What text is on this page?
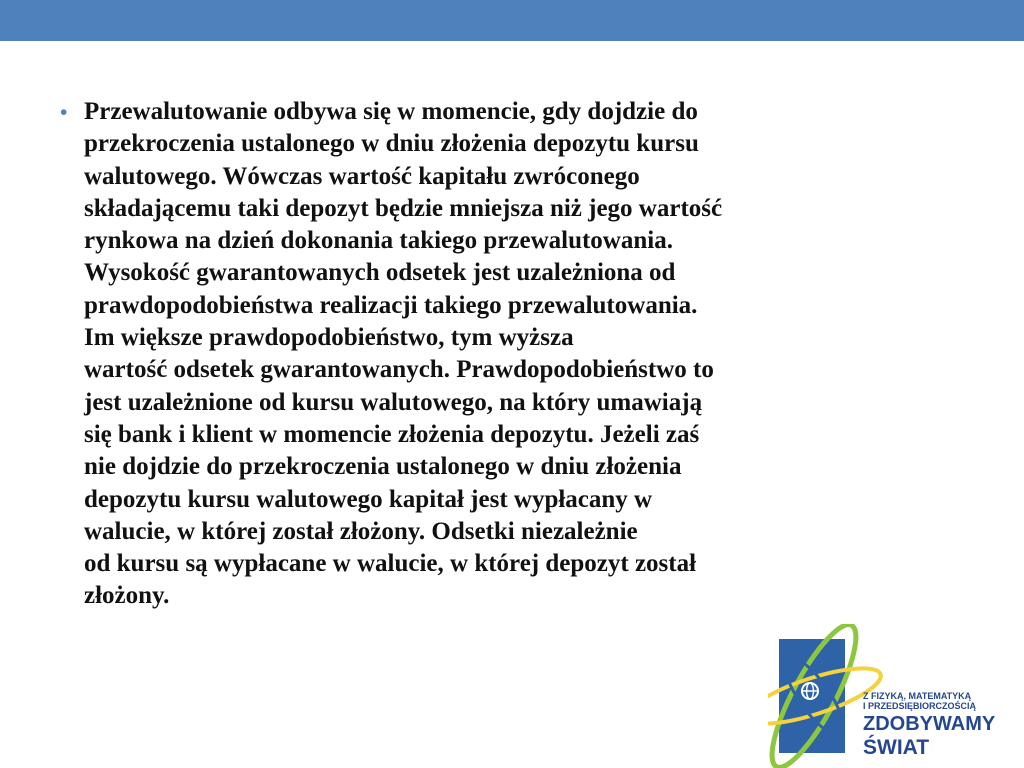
• Przewalutowanie odbywa się w momencie, gdy dojdzie do
przekroczenia ustalonego w dniu złożenia depozytu kursu
walutowego. Wówczas wartość kapitału zwróconego
składającemu taki depozyt będzie mniejsza niż jego wartość
rynkowa na dzień dokonania takiego przewalutowania.
Wysokość gwarantowanych odsetek jest uzależniona od
prawdopodobieństwa realizacji takiego przewalutowania.
Im większe prawdopodobieństwo, tym wyższa
wartość odsetek gwarantowanych. Prawdopodobieństwo to
jest uzależnione od kursu walutowego, na który umawiają
się bank i klient w momencie złożenia depozytu. Jeżeli zaś
nie dojdzie do przekroczenia ustalonego w dniu złożenia
depozytu kursu walutowego kapitał jest wypłacany w
walucie, w której został złożony. Odsetki niezależnie
od kursu są wypłacane w walucie, w której depozyt został
złożony.
Z FIZYKĄ, MATEMATYKĄ
I PRZEDSIĘBIORCZOŚCIĄ
ZDOBYWAMY
ŚWIAT
